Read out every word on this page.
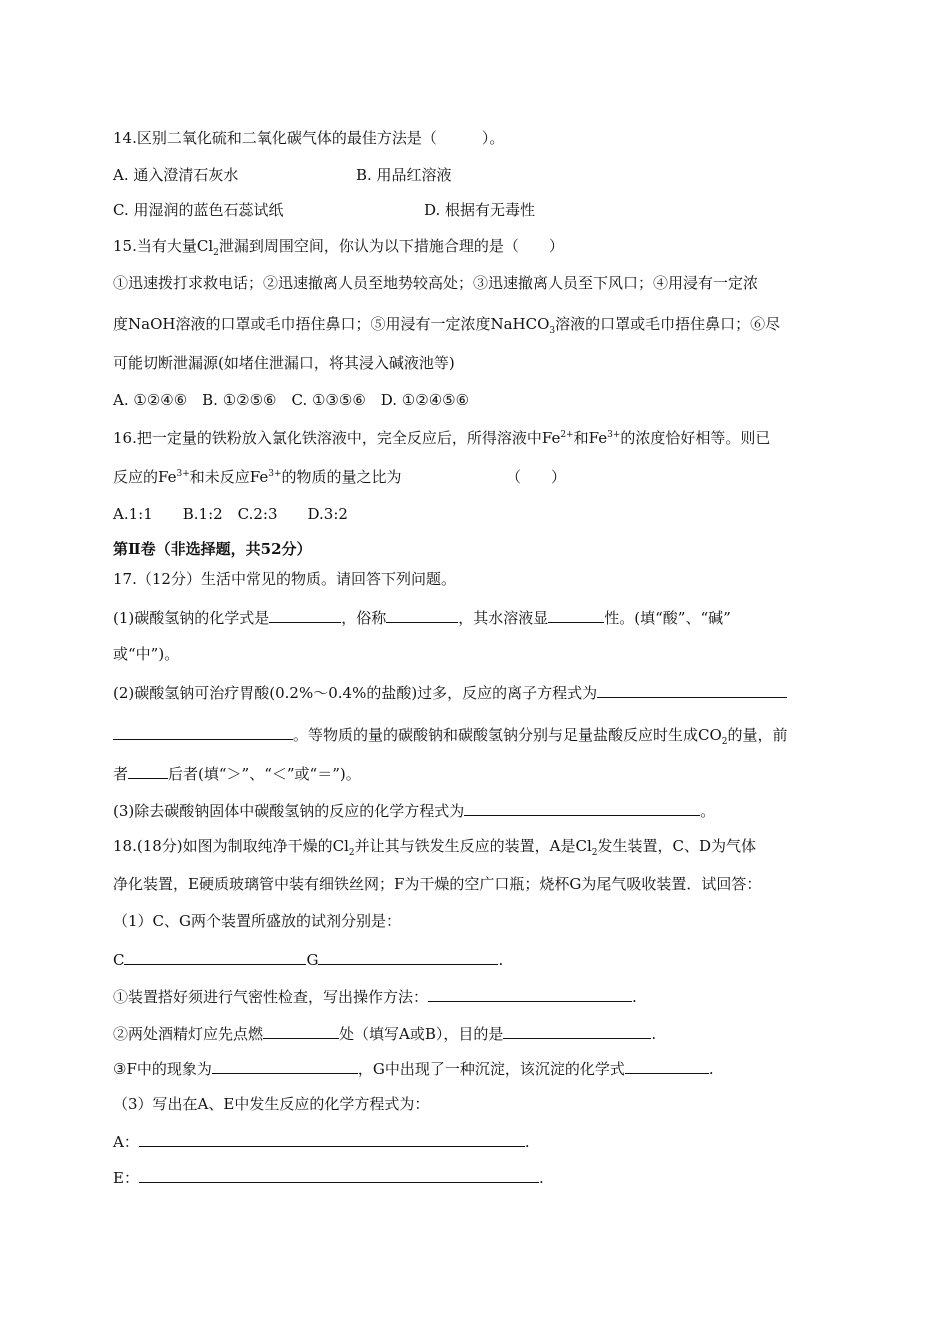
14.区别二氧化硫和二氧化碳气体的最佳方法是（　　　）。
A. 通入澄清石灰水	B. 用品红溶液
C. 用湿润的蓝色石蕊试纸	D. 根据有无毒性
15.当有大量$Cl_2$泄漏到周围空间，你认为以下措施合理的是（　　）
①迅速拨打求救电话；②迅速撤离人员至地势较高处；③迅速撤离人员至下风口；④用浸有一定浓
度NaOH溶液的口罩或毛巾捂住鼻口；⑤用浸有一定浓度NaHCO$_3$溶液的口罩或毛巾捂住鼻口；⑥尽
可能切断泄漏源(如堵住泄漏口，将其浸入碱液池等)
A. ①②④⑥　B. ①②⑤⑥　C. ①③⑤⑥　D. ①②④⑤⑥
16.把一定量的铁粉放入氯化铁溶液中，完全反应后，所得溶液中$Fe^{2+}$和$Fe^{3+}$的浓度恰好相等。则已
反应的$Fe^{3+}$和未反应$Fe^{3+}$的物质的量之比为	（　　）
A.1:1　　B.1:2　C.2:3　　D.3:2
第Ⅱ卷（非选择题，共52分）
17.（12分）生活中常见的物质。请回答下列问题。
(1)碳酸氢钠的化学式是	，俗称	，其水溶液显	性。(填“酸”、“碱”
或“中”)。
(2)碳酸氢钠可治疗胃酸(0.2%～0.4%的盐酸)过多，反应的离子方程式为
。等物质的量的碳酸钠和碳酸氢钠分别与足量盐酸反应时生成$CO_2$的量，前
者	后者(填“＞”、“＜”或“＝”)。
(3)除去碳酸钠固体中碳酸氢钠的反应的化学方程式为	。
18.(18分)如图为制取纯净干燥的$Cl_2$并让其与铁发生反应的装置，A是$Cl_2$发生装置，C、D为气体
净化装置，E硬质玻璃管中装有细铁丝网；F为干燥的空广口瓶；烧杯G为尾气吸收装置．试回答：
（1）C、G两个装置所盛放的试剂分别是：
C	G	.
①装置搭好须进行气密性检查，写出操作方法：	.
②两处酒精灯应先点燃	处（填写A或B），目的是	.
③F中的现象为	，G中出现了一种沉淀，该沉淀的化学式	.
（3）写出在A、E中发生反应的化学方程式为：
A：	.
E：	.
